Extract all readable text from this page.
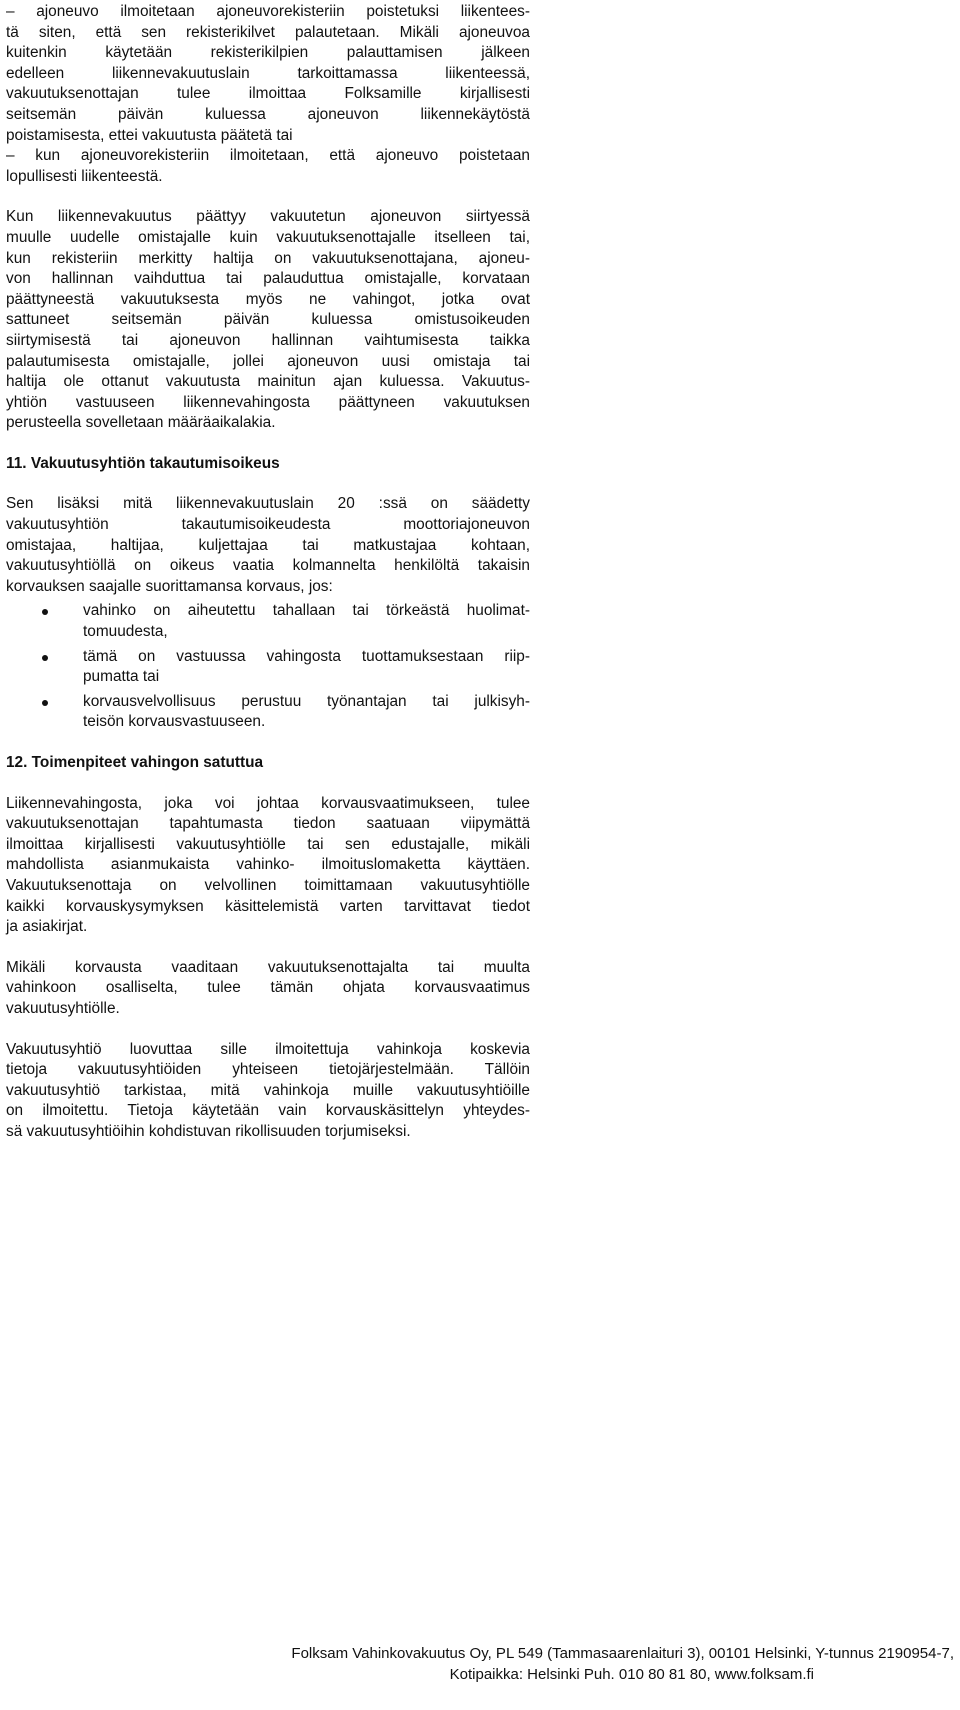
– ajoneuvo ilmoitetaan ajoneuvorekisteriin poistetuksi liikentees-
tä siten, että sen rekisterikilvet palautetaan. Mikäli ajoneuvoa
kuitenkin käytetään rekisterikilpien palauttamisen jälkeen
edelleen liikennevakuutuslain tarkoittamassa liikenteessä,
vakuutuksenottajan tulee ilmoittaa Folksamille kirjallisesti
seitsemän päivän kuluessa ajoneuvon liikennekäytöstä
poistamisesta, ettei vakuutusta päätetä tai
– kun ajoneuvorekisteriin ilmoitetaan, että ajoneuvo poistetaan
lopullisesti liikenteestä.
Kun liikennevakuutus päättyy vakuutetun ajoneuvon siirtyessä
muulle uudelle omistajalle kuin vakuutuksenottajalle itselleen tai,
kun rekisteriin merkitty haltija on vakuutuksenottajana, ajoneu-
von hallinnan vaihduttua tai palauduttua omistajalle, korvataan
päättyneestä vakuutuksesta myös ne vahingot, jotka ovat
sattuneet seitsemän päivän kuluessa omistusoikeuden
siirtymisestä tai ajoneuvon hallinnan vaihtumisesta taikka
palautumisesta omistajalle, jollei ajoneuvon uusi omistaja tai
haltija ole ottanut vakuutusta mainitun ajan kuluessa. Vakuutus-
yhtiön vastuuseen liikennevahingosta päättyneen vakuutuksen
perusteella sovelletaan määräaikalakia.
11. Vakuutusyhtiön takautumisoikeus
Sen lisäksi mitä liikennevakuutuslain 20 :ssä on säädetty
vakuutusyhtiön takautumisoikeudesta moottoriajoneuvon
omistajaa, haltijaa, kuljettajaa tai matkustajaa kohtaan,
vakuutusyhtiöllä on oikeus vaatia kolmannelta henkilöltä takaisin
korvauksen saajalle suorittamansa korvaus, jos:
vahinko on aiheutettu tahallaan tai törkeästä huolimat-
tomuudesta,
tämä on vastuussa vahingosta tuottamuksestaan riip-
pumatta tai
korvausvelvollisuus perustuu työnantajan tai julkisyh-
teisön korvausvastuuseen.
12. Toimenpiteet vahingon satuttua
Liikennevahingosta, joka voi johtaa korvausvaatimukseen, tulee
vakuutuksenottajan tapahtumasta tiedon saatuaan viipymättä
ilmoittaa kirjallisesti vakuutusyhtiölle tai sen edustajalle, mikäli
mahdollista asianmukaista vahinko- ilmoituslomaketta käyttäen.
Vakuutuksenottaja on velvollinen toimittamaan vakuutusyhtiölle
kaikki korvauskysymyksen käsittelemistä varten tarvittavat tiedot
ja asiakirjat.
Mikäli korvausta vaaditaan vakuutuksenottajalta tai muulta
vahinkoon osalliselta, tulee tämän ohjata korvausvaatimus
vakuutusyhtiölle.
Vakuutusyhtiö luovuttaa sille ilmoitettuja vahinkoja koskevia
tietoja vakuutusyhtiöiden yhteiseen tietojärjestelmään. Tällöin
vakuutusyhtiö tarkistaa, mitä vahinkoja muille vakuutusyhtiöille
on ilmoitettu. Tietoja käytetään vain korvauskäsittelyn yhteydes-
sä vakuutusyhtiöihin kohdistuvan rikollisuuden torjumiseksi.
Folksam Vahinkovakuutus Oy, PL 549 (Tammasaarenlaituri 3), 00101 Helsinki, Y-tunnus 2190954-7,
Kotipaikka: Helsinki Puh. 010 80 81 80, www.folksam.fi
